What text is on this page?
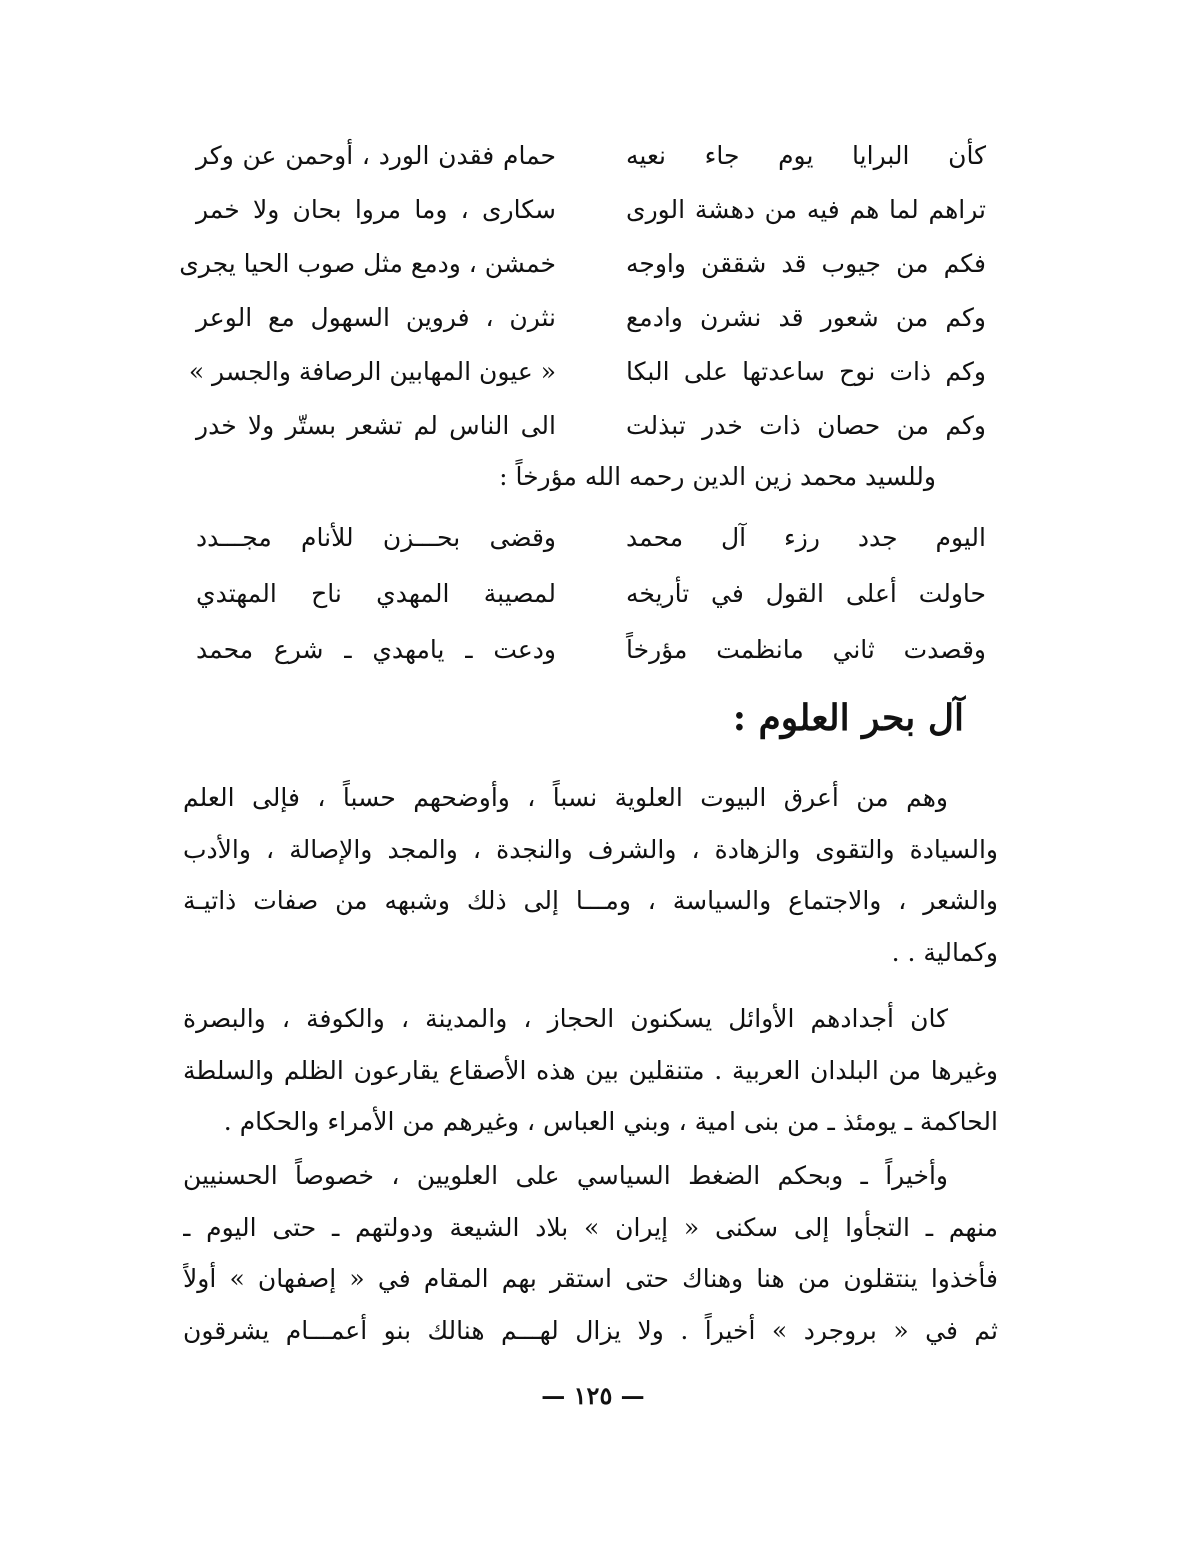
كأن البرايا يوم جاء نعيه
حمام فقدن الورد ، أوحمن عن وكر
تراهم لما هم فيه من دهشة الورى
سكارى ، وما مروا بحان ولا خمر
فكم من جيوب قد شققن واوجه
خمشن ، ودمع مثل صوب الحيا يجرى
وكم من شعور قد نشرن وادمع
نثرن ، فروين السهول مع الوعر
وكم ذات نوح ساعدتها على البكا
« عيون المهابين الرصافة والجسر »
وكم من حصان ذات خدر تبذلت
الى الناس لم تشعر بستّر ولا خدر
وللسيد محمد زين الدين رحمه الله مؤرخاً :
اليوم جدد رزء آل محمد
وقضى بحـــزن للأنام مجـــدد
حاولت أعلى القول في تأريخه
لمصيبة المهدي ناح المهتدي
وقصدت ثاني مانظمت مؤرخاً
ودعت ـ يامهدي ـ شرع محمد
آل بحر العلوم :
وهم من أعرق البيوت العلوية نسباً ، وأوضحهم حسباً ، فإلى العلم
والسيادة والتقوى والزهادة ، والشرف والنجدة ، والمجد والإصالة ، والأدب
والشعر ، والاجتماع والسياسة ، ومـــا إلى ذلك وشبهه من صفات ذاتيـة
وكمالية . .
كان أجدادهم الأوائل يسكنون الحجاز ، والمدينة ، والكوفة ، والبصرة
وغيرها من البلدان العربية . متنقلين بين هذه الأصقاع يقارعون الظلم والسلطة
الحاكمة ـ يومئذ ـ من بنى امية ، وبني العباس ، وغيرهم من الأمراء والحكام .
وأخيراً ـ وبحكم الضغط السياسي على العلويين ، خصوصاً الحسنيين
منهم ـ التجأوا إلى سكنى « إيران » بلاد الشيعة ودولتهم ـ حتى اليوم ـ
فأخذوا ينتقلون من هنا وهناك حتى استقر بهم المقام في « إصفهان » أولاً
ثم في « بروجرد » أخيراً . ولا يزال لهـــم هنالك بنو أعمـــام يشرقون
— ١٢٥ —
